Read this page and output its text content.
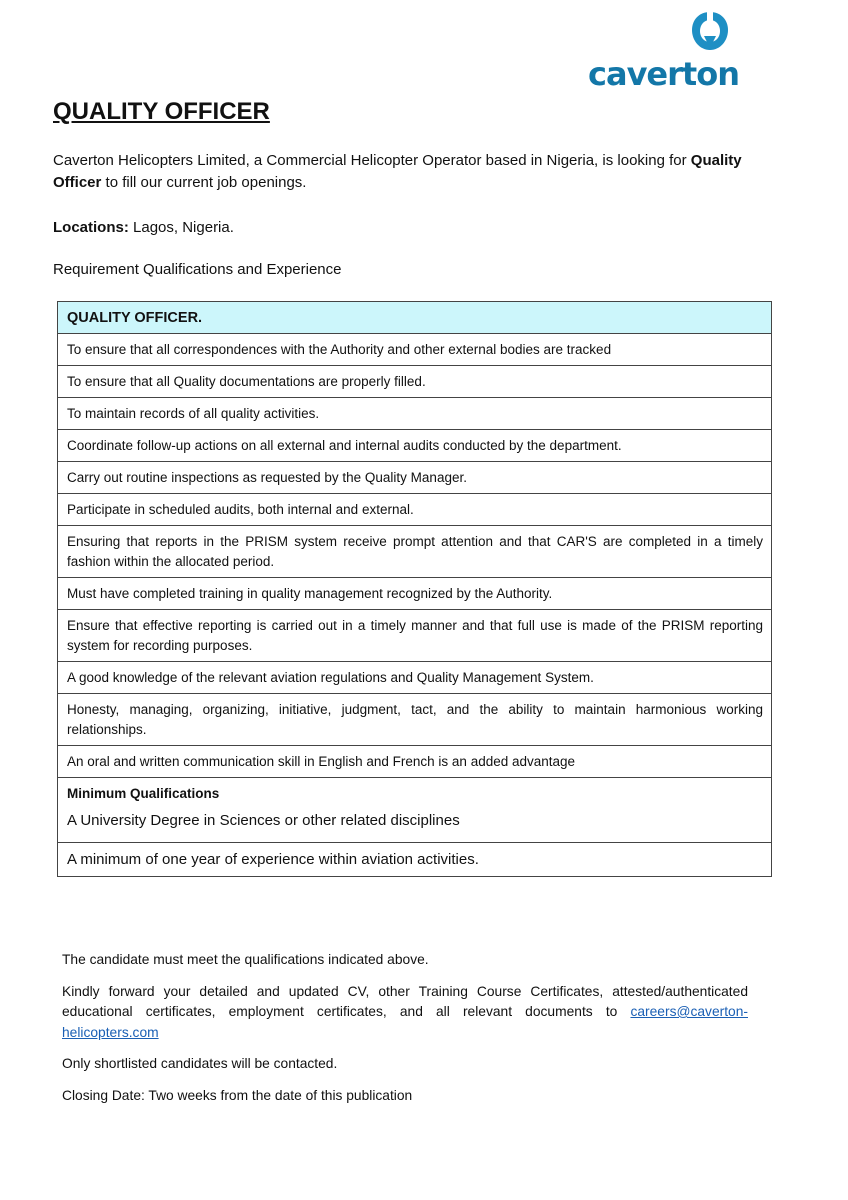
caverton
QUALITY OFFICER
Caverton Helicopters Limited, a Commercial Helicopter Operator based in Nigeria, is looking for Quality Officer to fill our current job openings.
Locations: Lagos, Nigeria.
Requirement Qualifications and Experience
QUALITY OFFICER.
To ensure that all correspondences with the Authority and other external bodies are tracked
To ensure that all Quality documentations are properly filled.
To maintain records of all quality activities.
Coordinate follow-up actions on all external and internal audits conducted by the department.
Carry out routine inspections as requested by the Quality Manager.
Participate in scheduled audits, both internal and external.
Ensuring that reports in the PRISM system receive prompt attention and that CAR'S are completed in a timely fashion within the allocated period.
Must have completed training in quality management recognized by the Authority.
Ensure that effective reporting is carried out in a timely manner and that full use is made of the PRISM reporting system for recording purposes.
A good knowledge of the relevant aviation regulations and Quality Management System.
Honesty, managing, organizing, initiative, judgment, tact, and the ability to maintain harmonious working relationships.
An oral and written communication skill in English and French is an added advantage
Minimum Qualifications
A University Degree in Sciences or other related disciplines
A minimum of one year of experience within aviation activities.

The candidate must meet the qualifications indicated above.

Kindly forward your detailed and updated CV, other Training Course Certificates, attested/authenticated educational certificates, employment certificates, and all relevant documents to careers@caverton-helicopters.com

Only shortlisted candidates will be contacted.

Closing Date: Two weeks from the date of this publication
